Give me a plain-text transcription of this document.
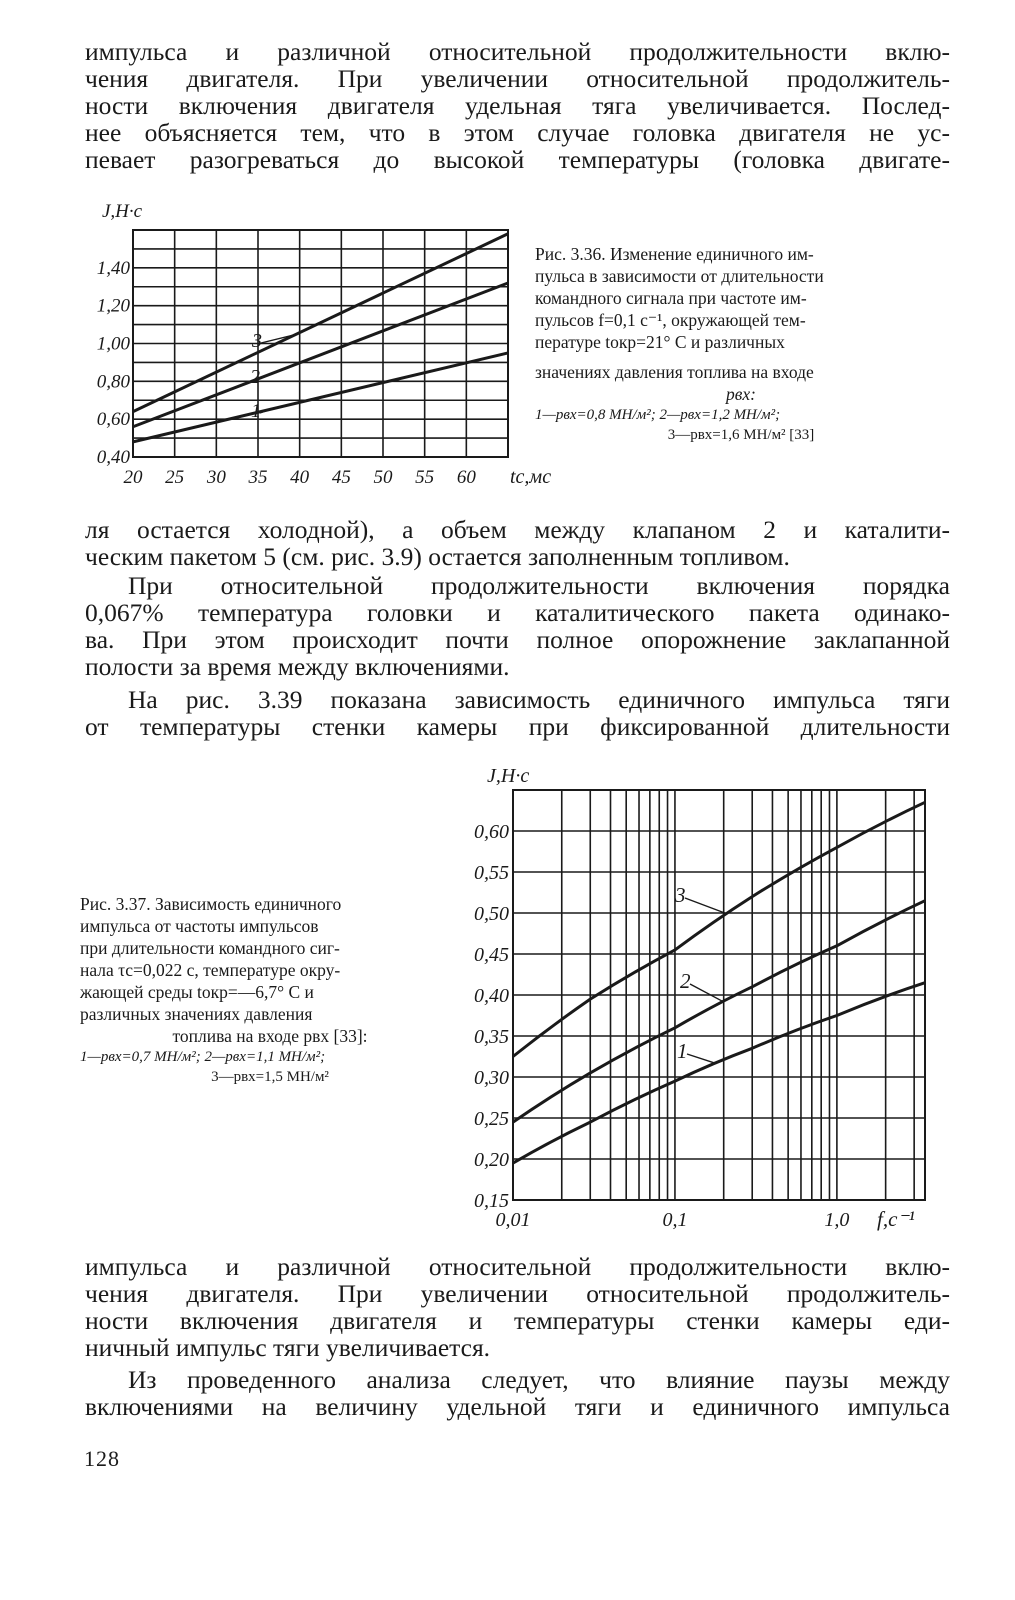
импульса и различной относительной продолжительности вклю-
чения двигателя. При увеличении относительной продолжитель-
ности включения двигателя удельная тяга увеличивается. Послед-
нее объясняется тем, что в этом случае головка двигателя не ус-
певает разогреваться до высокой температуры (головка двигате-
J,Н·с
0,40
0,60
0,80
1,00
1,20
1,40
20 25 30 35 40 45 50 55 60 tc,мс
1
2
3
Рис. 3.36. Изменение единичного им-
пульса в зависимости от длительности
командного сигнала при частоте им-
пульсов f=0,1 с⁻¹, окружающей тем-
пературе tокр=21° С и различных
значениях давления топлива на входе
pвх:
1—pвх=0,8 МН/м²; 2—pвх=1,2 МН/м²;
3—pвх=1,6 МН/м² [33]
ля остается холодной), а объем между клапаном 2 и каталити-
ческим пакетом 5 (см. рис. 3.9) остается заполненным топливом.
При относительной продолжительности включения порядка
0,067% температура головки и каталитического пакета одинако-
ва. При этом происходит почти полное опорожнение заклапанной
полости за время между включениями.
На рис. 3.39 показана зависимость единичного импульса тяги
от температуры стенки камеры при фиксированной длительности
Рис. 3.37. Зависимость единичного
импульса от частоты импульсов
при длительности командного сиг-
нала τc=0,022 с, температуре окру-
жающей среды tокр=—6,7° С и
различных значениях давления
топлива на входе pвх [33]:
1—pвх=0,7 МН/м²; 2—pвх=1,1 МН/м²;
3—pвх=1,5 МН/м²
J,Н·с
0,15
0,20
0,25
0,30
0,35
0,40
0,45
0,50
0,55
0,60
0,01	0,1	1,0 f,с⁻¹
1
2
3
импульса и различной относительной продолжительности вклю-
чения двигателя. При увеличении относительной продолжитель-
ности включения двигателя и температуры стенки камеры еди-
ничный импульс тяги увеличивается.
Из проведенного анализа следует, что влияние паузы между
включениями на величину удельной тяги и единичного импульса
128
